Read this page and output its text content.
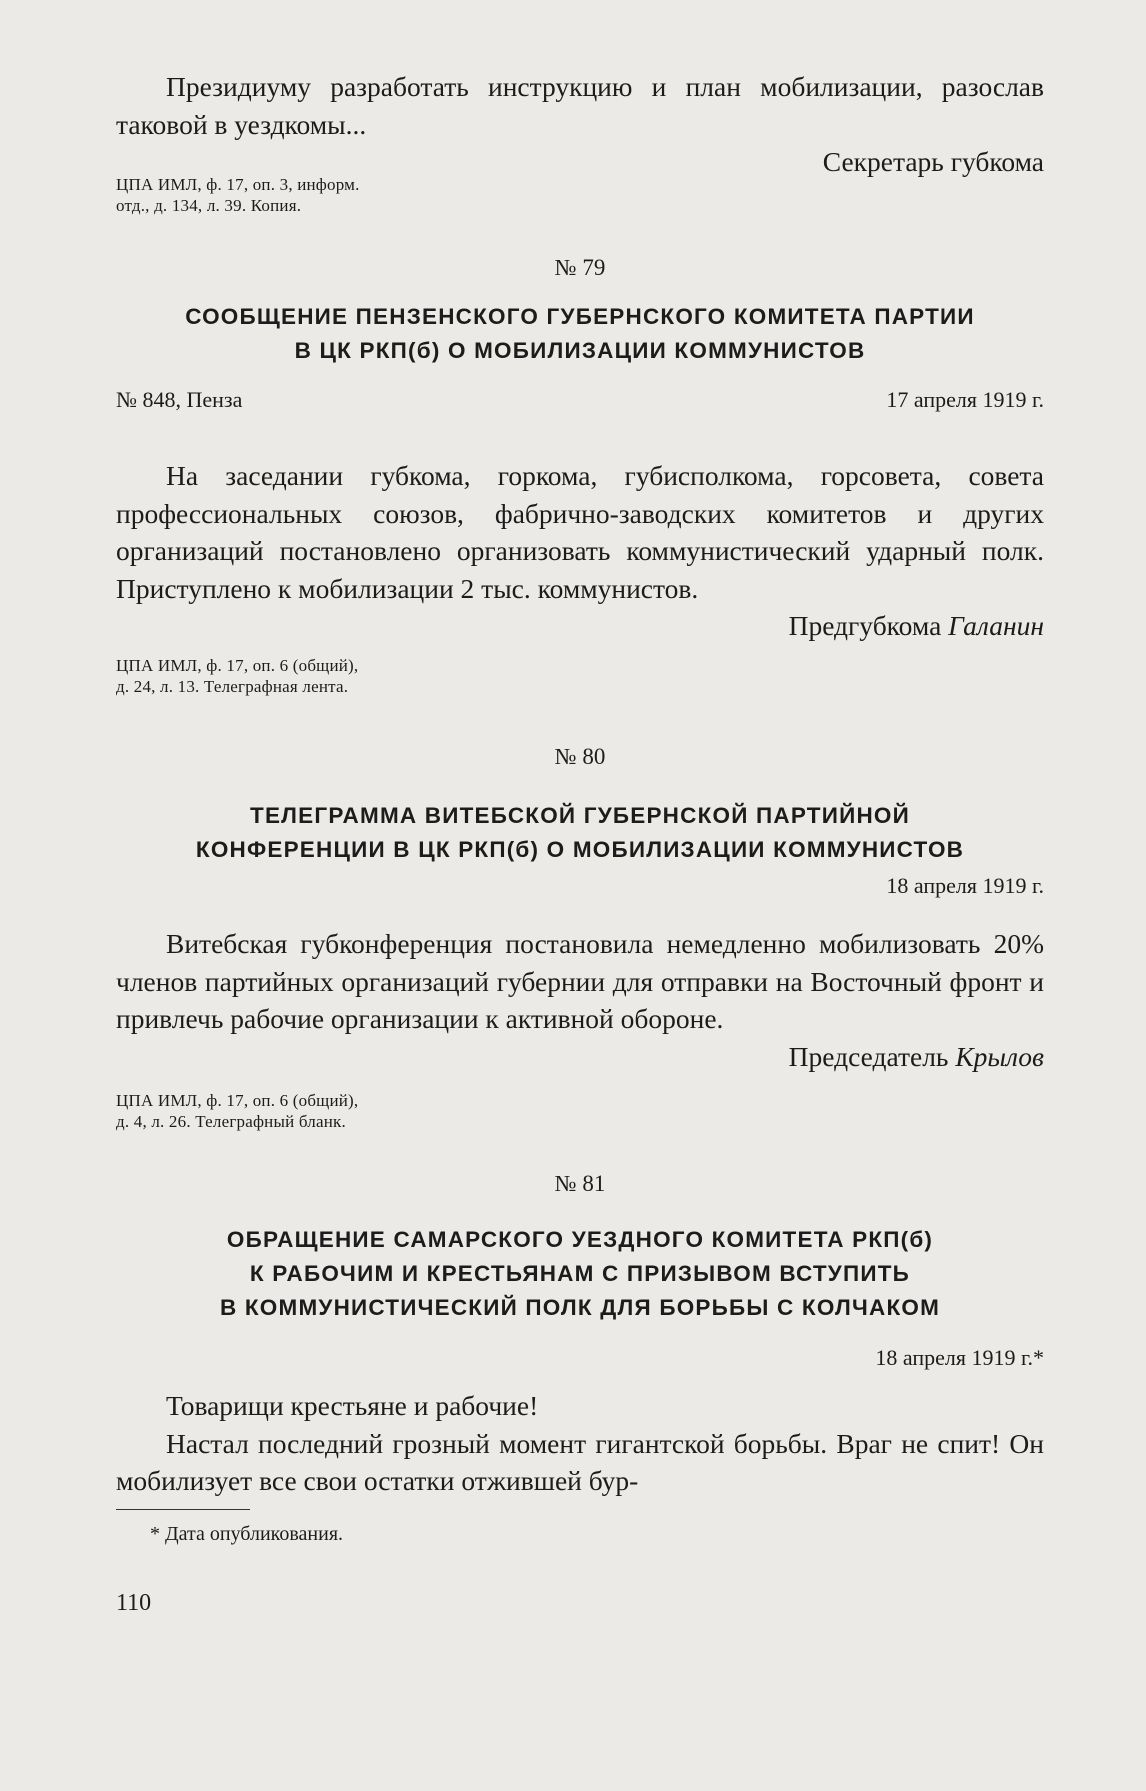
Президиуму разработать инструкцию и план мобилизации, разослав таковой в уездкомы...

Секретарь губкома

ЦПА ИМЛ, ф. 17, оп. 3, информ.

отд., д. 134, л. 39. Копия.

№ 79

СООБЩЕНИЕ ПЕНЗЕНСКОГО ГУБЕРНСКОГО КОМИТЕТА ПАРТИИ

В ЦК РКП(б) О МОБИЛИЗАЦИИ КОММУНИСТОВ

№ 848, Пенза	17 апреля 1919 г.

На заседании губкома, горкома, губисполкома, горсовета, совета профессиональных союзов, фабрично-заводских комитетов и других организаций постановлено организовать коммунистический ударный полк. Приступлено к мобилизации 2 тыс. коммунистов.

Предгубкома Галанин

ЦПА ИМЛ, ф. 17, оп. 6 (общий),

д. 24, л. 13. Телеграфная лента.

№ 80

ТЕЛЕГРАММА ВИТЕБСКОЙ ГУБЕРНСКОЙ ПАРТИЙНОЙ

КОНФЕРЕНЦИИ В ЦК РКП(б) О МОБИЛИЗАЦИИ КОММУНИСТОВ

18 апреля 1919 г.

Витебская губконференция постановила немедленно мобилизовать 20% членов партийных организаций губернии для отправки на Восточный фронт и привлечь рабочие организации к активной обороне.

Председатель Крылов

ЦПА ИМЛ, ф. 17, оп. 6 (общий),

д. 4, л. 26. Телеграфный бланк.

№ 81

ОБРАЩЕНИЕ САМАРСКОГО УЕЗДНОГО КОМИТЕТА РКП(б)

К РАБОЧИМ И КРЕСТЬЯНАМ С ПРИЗЫВОМ ВСТУПИТЬ

В КОММУНИСТИЧЕСКИЙ ПОЛК ДЛЯ БОРЬБЫ С КОЛЧАКОМ

18 апреля 1919 г.*

Товарищи крестьяне и рабочие!

Настал последний грозный момент гигантской борьбы. Враг не спит! Он мобилизует все свои остатки отжившей бур-

* Дата опубликования.

110
